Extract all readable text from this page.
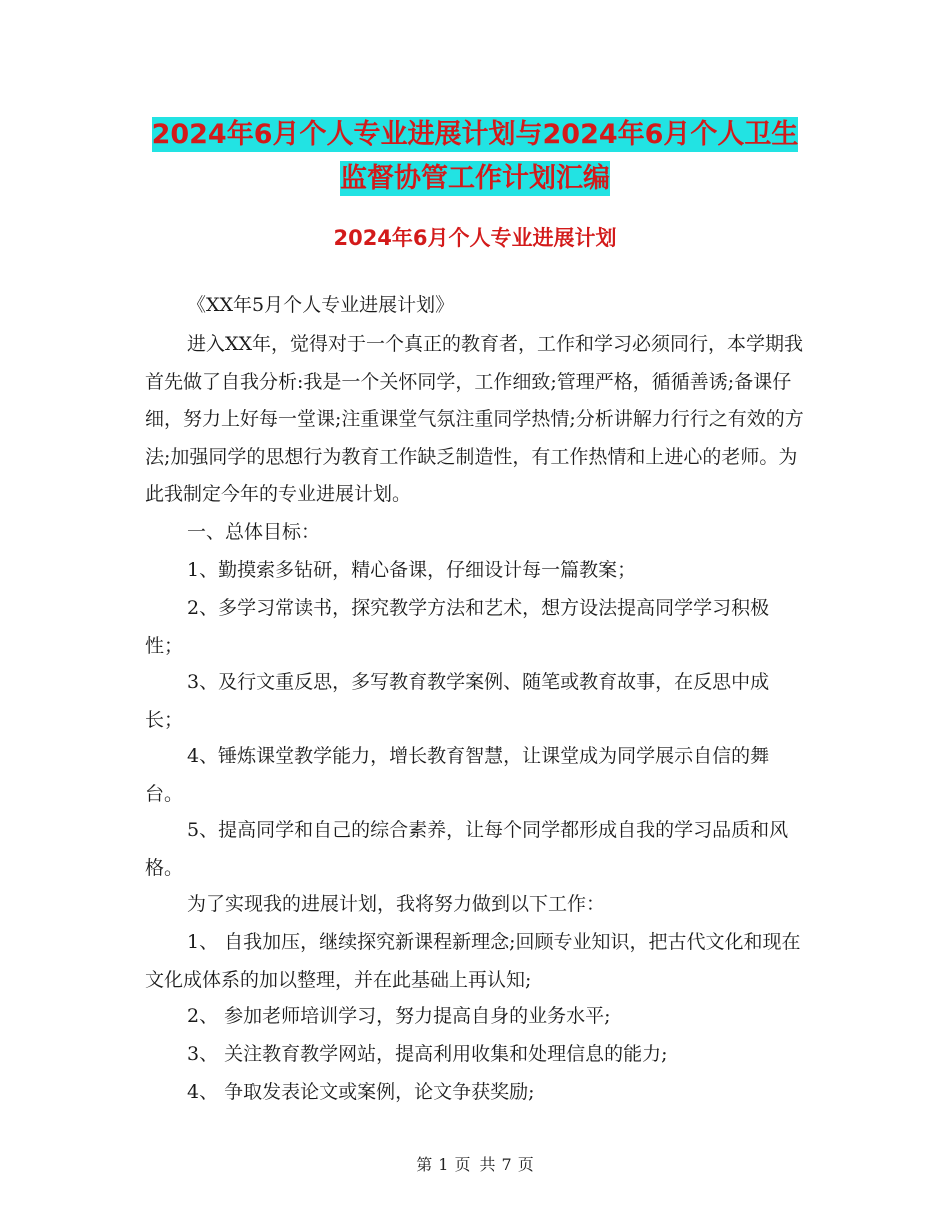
2024年6月个人专业进展计划与2024年6月个人卫生
监督协管工作计划汇编
2024年6月个人专业进展计划

《XX年5月个人专业进展计划》

进入XX年，觉得对于一个真正的教育者，工作和学习必须同行，本学期我首先做了自我分析:我是一个关怀同学，工作细致;管理严格，循循善诱;备课仔细，努力上好每一堂课;注重课堂气氛注重同学热情;分析讲解力行行之有效的方法;加强同学的思想行为教育工作缺乏制造性，有工作热情和上进心的老师。为此我制定今年的专业进展计划。

一、总体目标：

1、勤摸索多钻研，精心备课，仔细设计每一篇教案；

2、多学习常读书，探究教学方法和艺术，想方设法提高同学学习积极性；

3、及行文重反思，多写教育教学案例、随笔或教育故事，在反思中成长；

4、锤炼课堂教学能力，增长教育智慧，让课堂成为同学展示自信的舞台。

5、提高同学和自己的综合素养，让每个同学都形成自我的学习品质和风格。

为了实现我的进展计划，我将努力做到以下工作：

1、 自我加压，继续探究新课程新理念;回顾专业知识，把古代文化和现在文化成体系的加以整理，并在此基础上再认知;

2、 参加老师培训学习，努力提高自身的业务水平;

3、 关注教育教学网站，提高利用收集和处理信息的能力;

4、 争取发表论文或案例，论文争获奖励;

第 1 页 共 7 页
